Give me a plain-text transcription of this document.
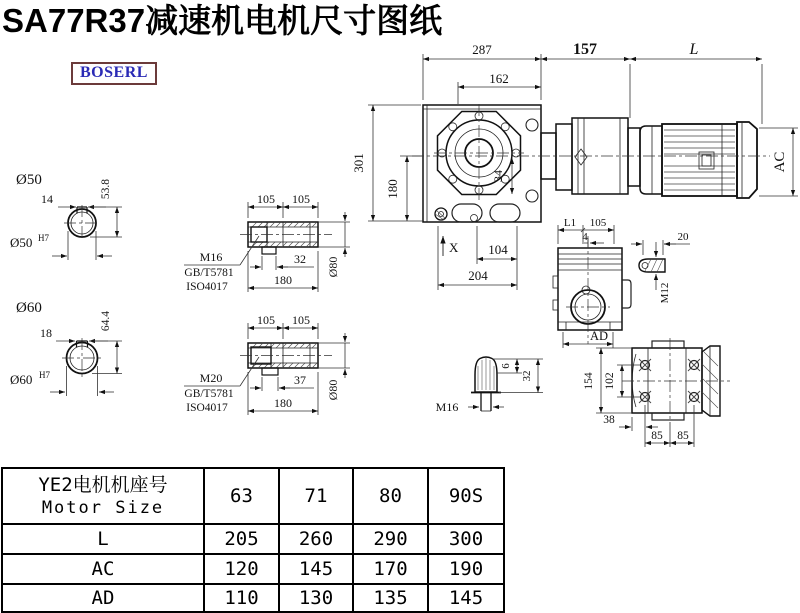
SA77R37减速机电机尺寸图纸
BOSERL
287
162
157	L
AC
301
180
34
X 104
204
Ø50
14	53.8
Ø50 H7
Ø60
18
64.4
Ø60 H7
105 105
32
180
Ø80
M16
GB/T5781
ISO4017
105 105
37
180
Ø80
M20
GB/T5781
ISO4017
L1 105
4
AD
20
M12
M16
6
32	154 102
38
85 85
YE2电机机座号
Motor Size	63	71	80	90S
L	205	260	290	300
AC	120	145	170	190
AD	110	130	135	145
